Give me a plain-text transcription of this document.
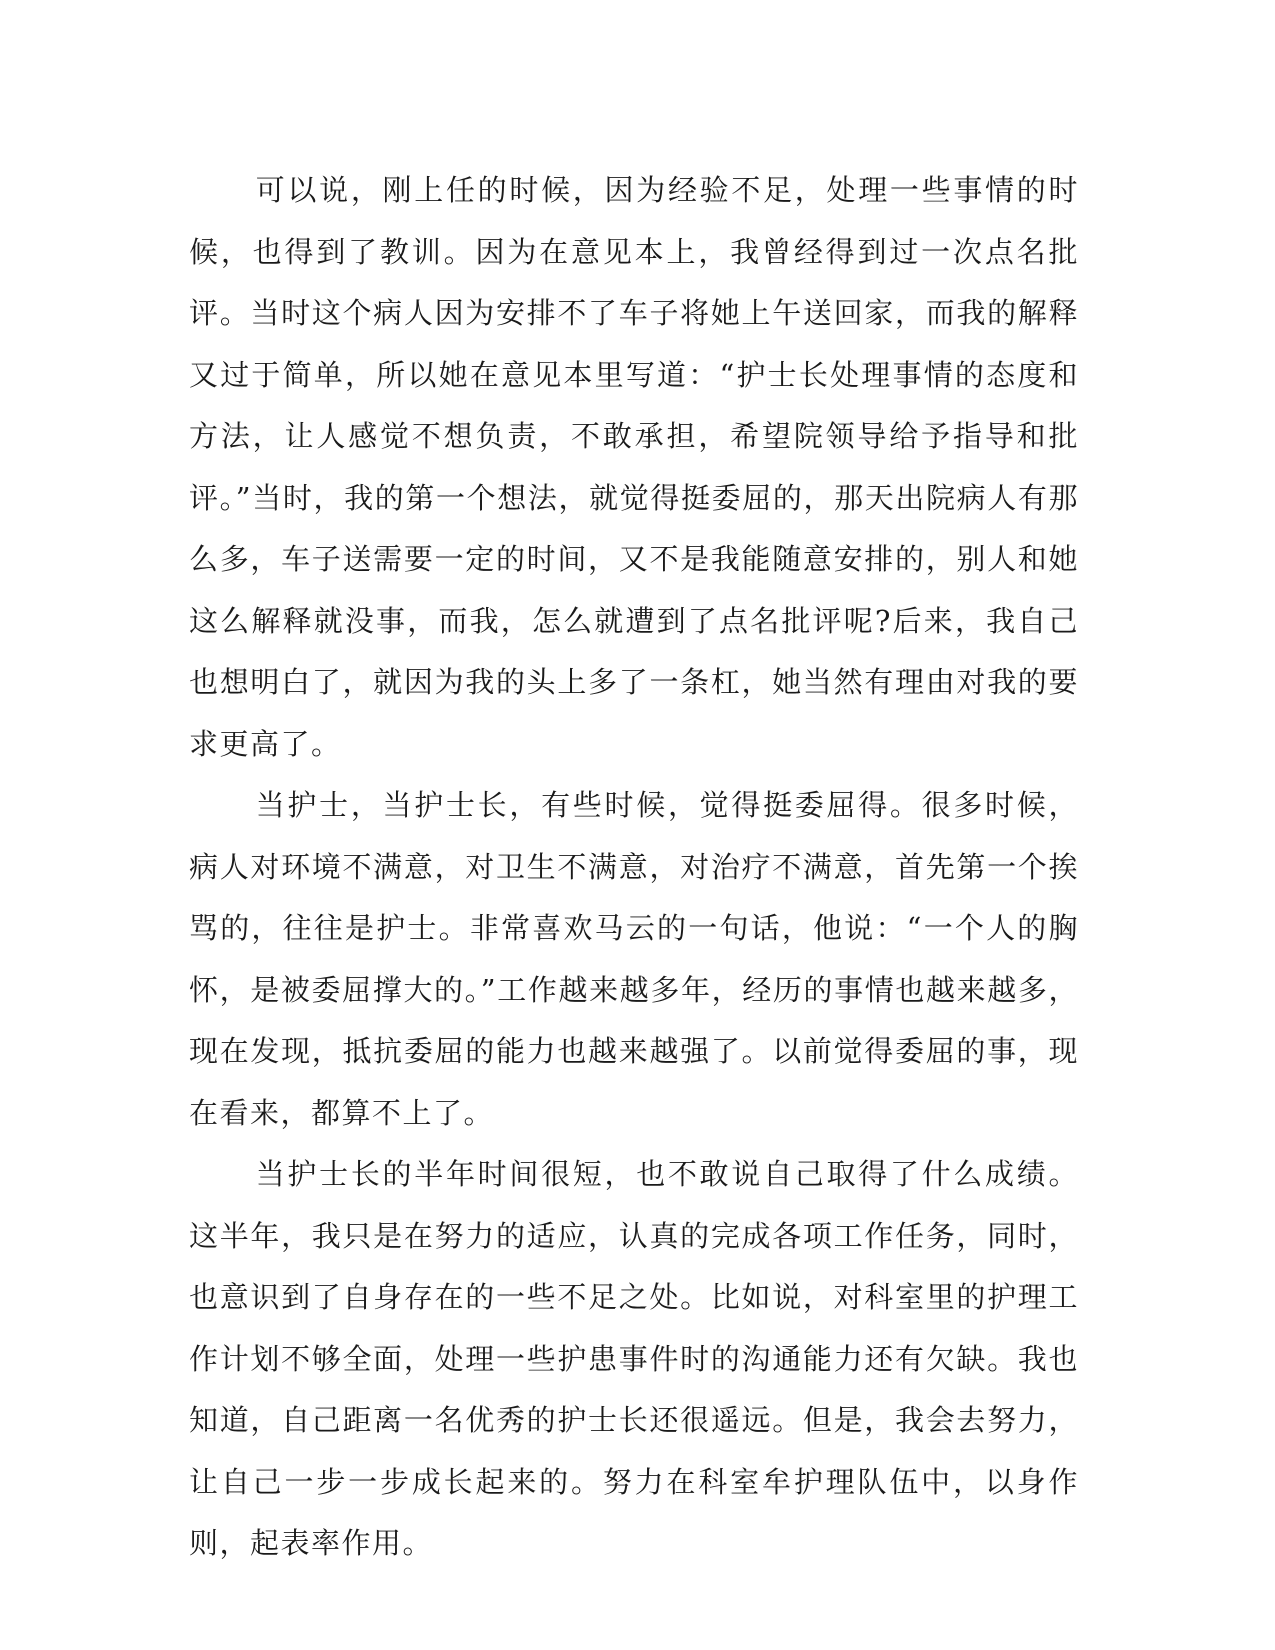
可以说，刚上任的时候，因为经验不足，处理一些事情的时候，也得到了教训。因为在意见本上，我曾经得到过一次点名批评。当时这个病人因为安排不了车子将她上午送回家，而我的解释又过于简单，所以她在意见本里写道：“护士长处理事情的态度和方法，让人感觉不想负责，不敢承担，希望院领导给予指导和批评。”当时，我的第一个想法，就觉得挺委屈的，那天出院病人有那么多，车子送需要一定的时间，又不是我能随意安排的，别人和她这么解释就没事，而我，怎么就遭到了点名批评呢?后来，我自己也想明白了，就因为我的头上多了一条杠，她当然有理由对我的要求更高了。

当护士，当护士长，有些时候，觉得挺委屈得。很多时候，病人对环境不满意，对卫生不满意，对治疗不满意，首先第一个挨骂的，往往是护士。非常喜欢马云的一句话，他说：“一个人的胸怀，是被委屈撑大的。”工作越来越多年，经历的事情也越来越多，现在发现，抵抗委屈的能力也越来越强了。以前觉得委屈的事，现在看来，都算不上了。

当护士长的半年时间很短，也不敢说自己取得了什么成绩。这半年，我只是在努力的适应，认真的完成各项工作任务，同时，也意识到了自身存在的一些不足之处。比如说，对科室里的护理工作计划不够全面，处理一些护患事件时的沟通能力还有欠缺。我也知道，自己距离一名优秀的护士长还很遥远。但是，我会去努力，让自己一步一步成长起来的。努力在科室牟护理队伍中，以身作则，起表率作用。
